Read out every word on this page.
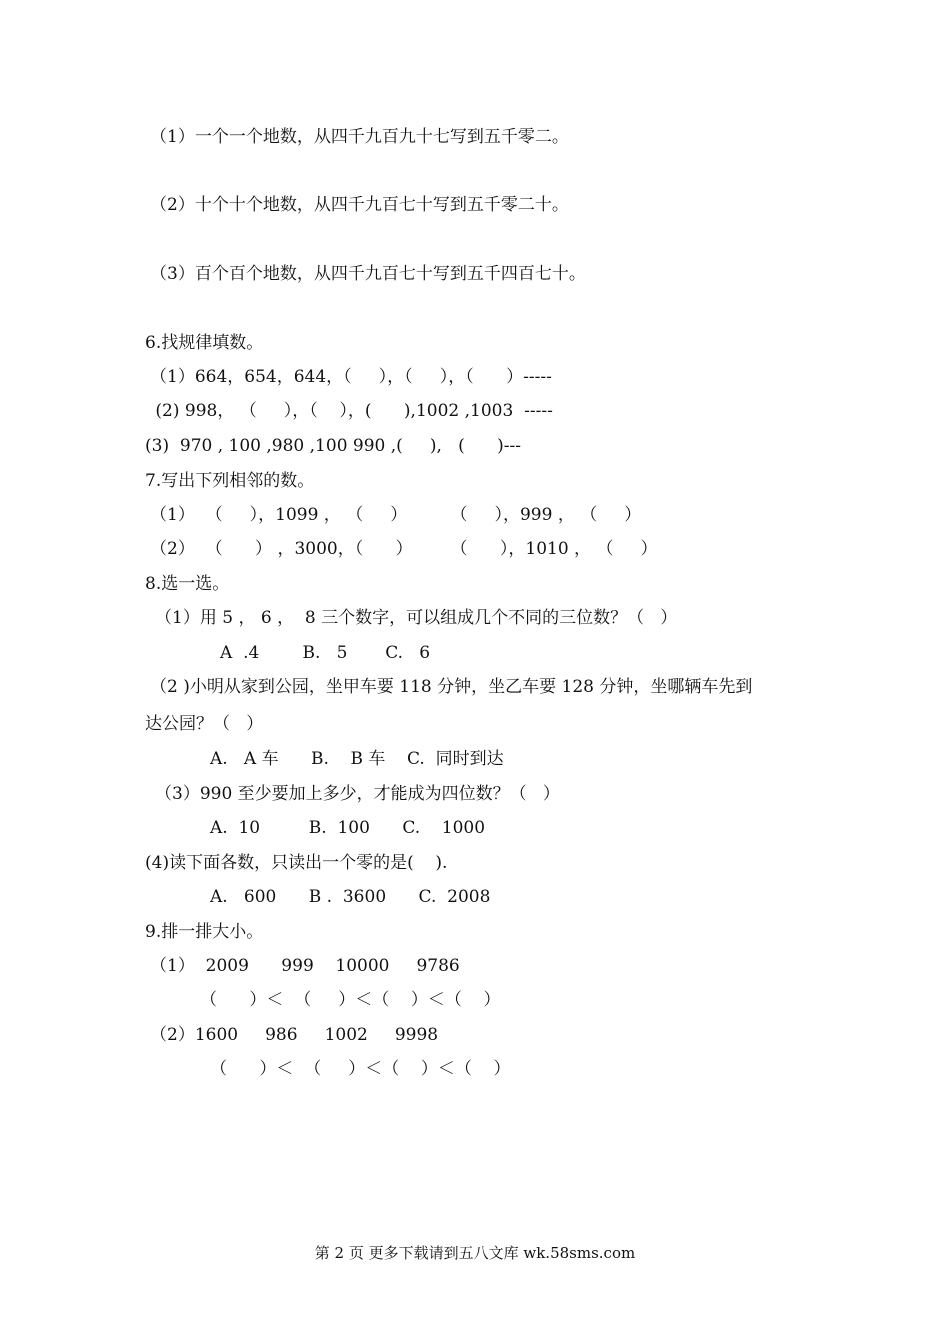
（1）一个一个地数，从四千九百九十七写到五千零二。
（2）十个十个地数，从四千九百七十写到五千零二十。
（3）百个百个地数，从四千九百七十写到五千四百七十。
6.找规律填数。
（1）664，654，644，（     ），（     ），（      ）-----
(2) 998， （     ），（    ），(      ),1002 ,1003  -----
(3)  970 , 100 ,980 ,100 990 ,(     ),   (      )---
7.写出下列相邻的数。
（1）  （     ），1099 ， （     ）        （     ），999 ， （     ）
（2）  （      ） ，3000，（      ）       （      ），1010 ， （     ）
8.选一选。
（1）用 5 ， 6 ，  8 三个数字，可以组成几个不同的三位数？（   ）
A  .4        B.   5       C.   6
（2 )小明从家到公园，坐甲车要 118 分钟，坐乙车要 128 分钟，坐哪辆车先到
达公园？（   ）
A.   A 车      B.    B 车    C.  同时到达
（3）990 至少要加上多少，才能成为四位数？（   ）
A.  10         B.  100      C.    1000
(4)读下面各数，只读出一个零的是(    ).
A.   600      B .  3600      C.  2008
9.排一排大小。
（1）  2009      999    10000     9786
（      ）＜  （     ）＜（    ）＜（    ）
（2）1600     986     1002     9998
（      ）＜  （     ）＜（    ）＜（    ）
第 2 页 更多下载请到五八文库 wk.58sms.com
